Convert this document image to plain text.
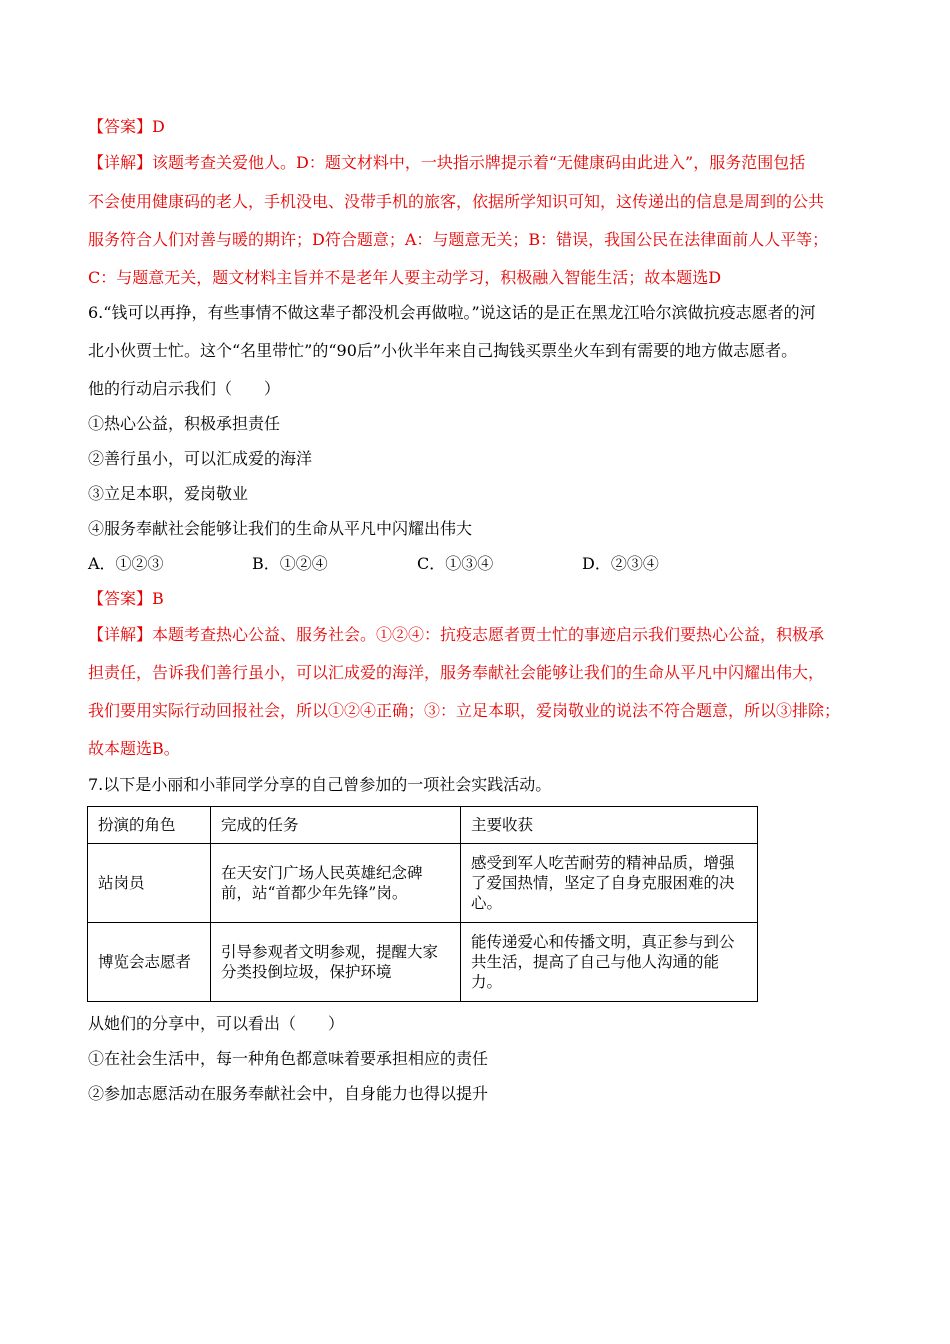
【答案】D
【详解】该题考查关爱他人。D：题文材料中，一块指示牌提示着“无健康码由此进入”，服务范围包括
不会使用健康码的老人，手机没电、没带手机的旅客，依据所学知识可知，这传递出的信息是周到的公共
服务符合人们对善与暖的期许；D符合题意；A：与题意无关；B：错误，我国公民在法律面前人人平等；
C：与题意无关，题文材料主旨并不是老年人要主动学习，积极融入智能生活；故本题选D
6.“钱可以再挣，有些事情不做这辈子都没机会再做啦。”说这话的是正在黑龙江哈尔滨做抗疫志愿者的河
北小伙贾士忙。这个“名里带忙”的“90后”小伙半年来自己掏钱买票坐火车到有需要的地方做志愿者。
他的行动启示我们（　　）
①热心公益，积极承担责任
②善行虽小，可以汇成爱的海洋
③立足本职，爱岗敬业
④服务奉献社会能够让我们的生命从平凡中闪耀出伟大
A．①②③	B．①②④	C．①③④	D．②③④
【答案】B
【详解】本题考查热心公益、服务社会。①②④：抗疫志愿者贾士忙的事迹启示我们要热心公益，积极承
担责任，告诉我们善行虽小，可以汇成爱的海洋，服务奉献社会能够让我们的生命从平凡中闪耀出伟大，
我们要用实际行动回报社会，所以①②④正确；③：立足本职，爱岗敬业的说法不符合题意，所以③排除；
故本题选B。
7.以下是小丽和小菲同学分享的自己曾参加的一项社会实践活动。
扮演的角色	完成的任务	主要收获
站岗员	在天安门广场人民英雄纪念碑前，站“首都少年先锋”岗。	感受到军人吃苦耐劳的精神品质，增强了爱国热情，坚定了自身克服困难的决心。
博览会志愿者	引导参观者文明参观，提醒大家分类投倒垃圾，保护环境	能传递爱心和传播文明，真正参与到公共生活，提高了自己与他人沟通的能力。
从她们的分享中，可以看出（　　）
①在社会生活中，每一种角色都意味着要承担相应的责任
②参加志愿活动在服务奉献社会中，自身能力也得以提升
